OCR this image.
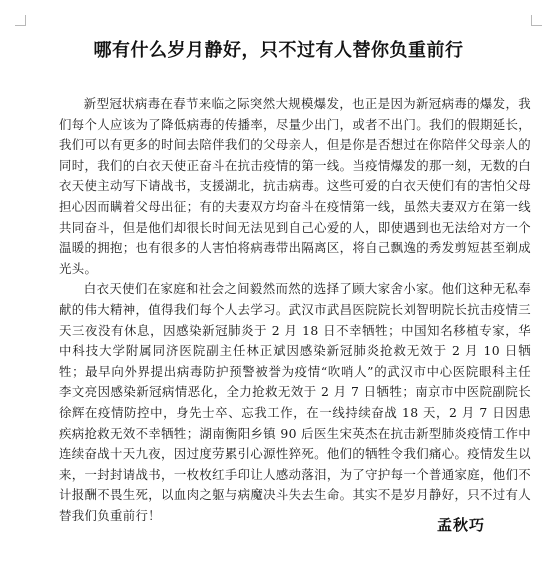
哪有什么岁月静好，只不过有人替你负重前行

新型冠状病毒在春节来临之际突然大规模爆发，也正是因为新冠病毒的爆发，我们每个人应该为了降低病毒的传播率，尽量少出门，或者不出门。我们的假期延长，我们可以有更多的时间去陪伴我们的父母亲人，但是你是否想过在你陪伴父母亲人的同时，我们的白衣天使正奋斗在抗击疫情的第一线。当疫情爆发的那一刻，无数的白衣天使主动写下请战书，支援湖北，抗击病毒。这些可爱的白衣天使们有的害怕父母担心因而瞒着父母出征；有的夫妻双方均奋斗在疫情第一线，虽然夫妻双方在第一线共同奋斗，但是他们却很长时间无法见到自己心爱的人，即使遇到也无法给对方一个温暖的拥抱；也有很多的人害怕将病毒带出隔离区，将自己飘逸的秀发剪短甚至剃成光头。

白衣天使们在家庭和社会之间毅然而然的选择了顾大家舍小家。他们这种无私奉献的伟大精神，值得我们每个人去学习。武汉市武昌医院院长刘智明院长抗击疫情三天三夜没有休息，因感染新冠肺炎于 2 月 18 日不幸牺牲；中国知名移植专家，华中科技大学附属同济医院副主任林正斌因感染新冠肺炎抢救无效于 2 月 10 日牺牲；最早向外界提出病毒防护预警被誉为疫情“吹哨人”的武汉市中心医院眼科主任李文亮因感染新冠病情恶化，全力抢救无效于 2 月 7 日牺牲；南京市中医院副院长徐辉在疫情防控中，身先士卒、忘我工作，在一线持续奋战 18 天，2 月 7 日因患疾病抢救无效不幸牺牲；湖南衡阳乡镇 90 后医生宋英杰在抗击新型肺炎疫情工作中连续奋战十天九夜，因过度劳累引心源性猝死。他们的牺牲令我们痛心。疫情发生以来，一封封请战书，一枚枚红手印让人感动落泪，为了守护每一个普通家庭，他们不计报酬不畏生死，以血肉之躯与病魔决斗失去生命。其实不是岁月静好，只不过有人替我们负重前行！

孟秋巧
